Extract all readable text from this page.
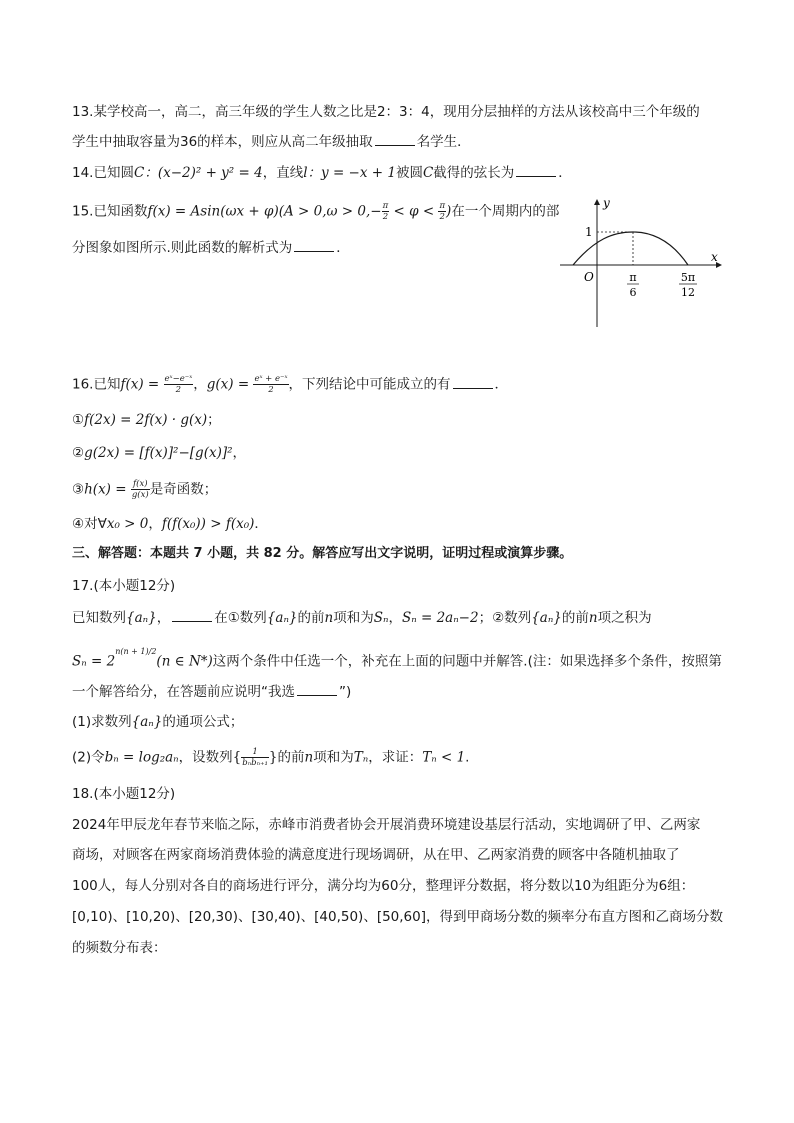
13.某学校高一，高二，高三年级的学生人数之比是2：3：4，现用分层抽样的方法从该校高中三个年级的
学生中抽取容量为36的样本，则应从高二年级抽取	名学生．
14.已知圆C：(x−2)² + y² = 4，直线l：y = −x + 1被圆C截得的弦长为	．
15.已知函数$f(x) = Asin(\omega x + \varphi)(A > 0,\omega > 0,- \frac{\pi}{2} < \varphi < \frac{\pi}{2}$ )在一个周期内的部
分图象如图所示.则此函数的解析式为	．
y
x
1
O	π
6
5π
12
16.已知$f(x) = \frac{\text{eˣ−e⁻ˣ}}{2}$ ，$g(x) = \frac{\text{eˣ + e⁻ˣ}}{2}$ ，下列结论中可能成立的有	．
①f(2x) = 2f(x) · g(x)；
②g(2x) = [f(x)]²−[g(x)]²，
③h(x) = $\frac{f(x)}{g(x)}$ 是奇函数；
④对∀x₀ > 0，f(f(x₀)) > f(x₀)．
三、解答题：本题共 7 小题，共 82 分。解答应写出文字说明，证明过程或演算步骤。
17.(本小题12分)
已知数列{aₙ}，	在①数列{aₙ}的前n项和为Sₙ，Sₙ = 2aₙ−2；②数列{aₙ}的前n项之积为
$S_n = 2^{n(n + 1)/2}(n$ ∈ N*)这两个条件中任选一个，补充在上面的问题中并解答.(注：如果选择多个条件，按照第
一个解答给分，在答题前应说明“我选	”)
(1)求数列{aₙ}的通项公式；
(2)令bₙ = log₂aₙ，设数列{ $\frac{1}{\text{bₙbₙ₊₁}}$ }的前n项和为Tₙ，求证：Tₙ < 1.
18.(本小题12分)
2024年甲辰龙年春节来临之际，赤峰市消费者协会开展消费环境建设基层行活动，实地调研了甲、乙两家
商场，对顾客在两家商场消费体验的满意度进行现场调研，从在甲、乙两家消费的顾客中各随机抽取了
100人，每人分别对各自的商场进行评分，满分均为60分，整理评分数据，将分数以10为组距分为6组：
[0,10)、[10,20)、[20,30)、[30,40)、[40,50)、[50,60]，得到甲商场分数的频率分布直方图和乙商场分数
的频数分布表：
